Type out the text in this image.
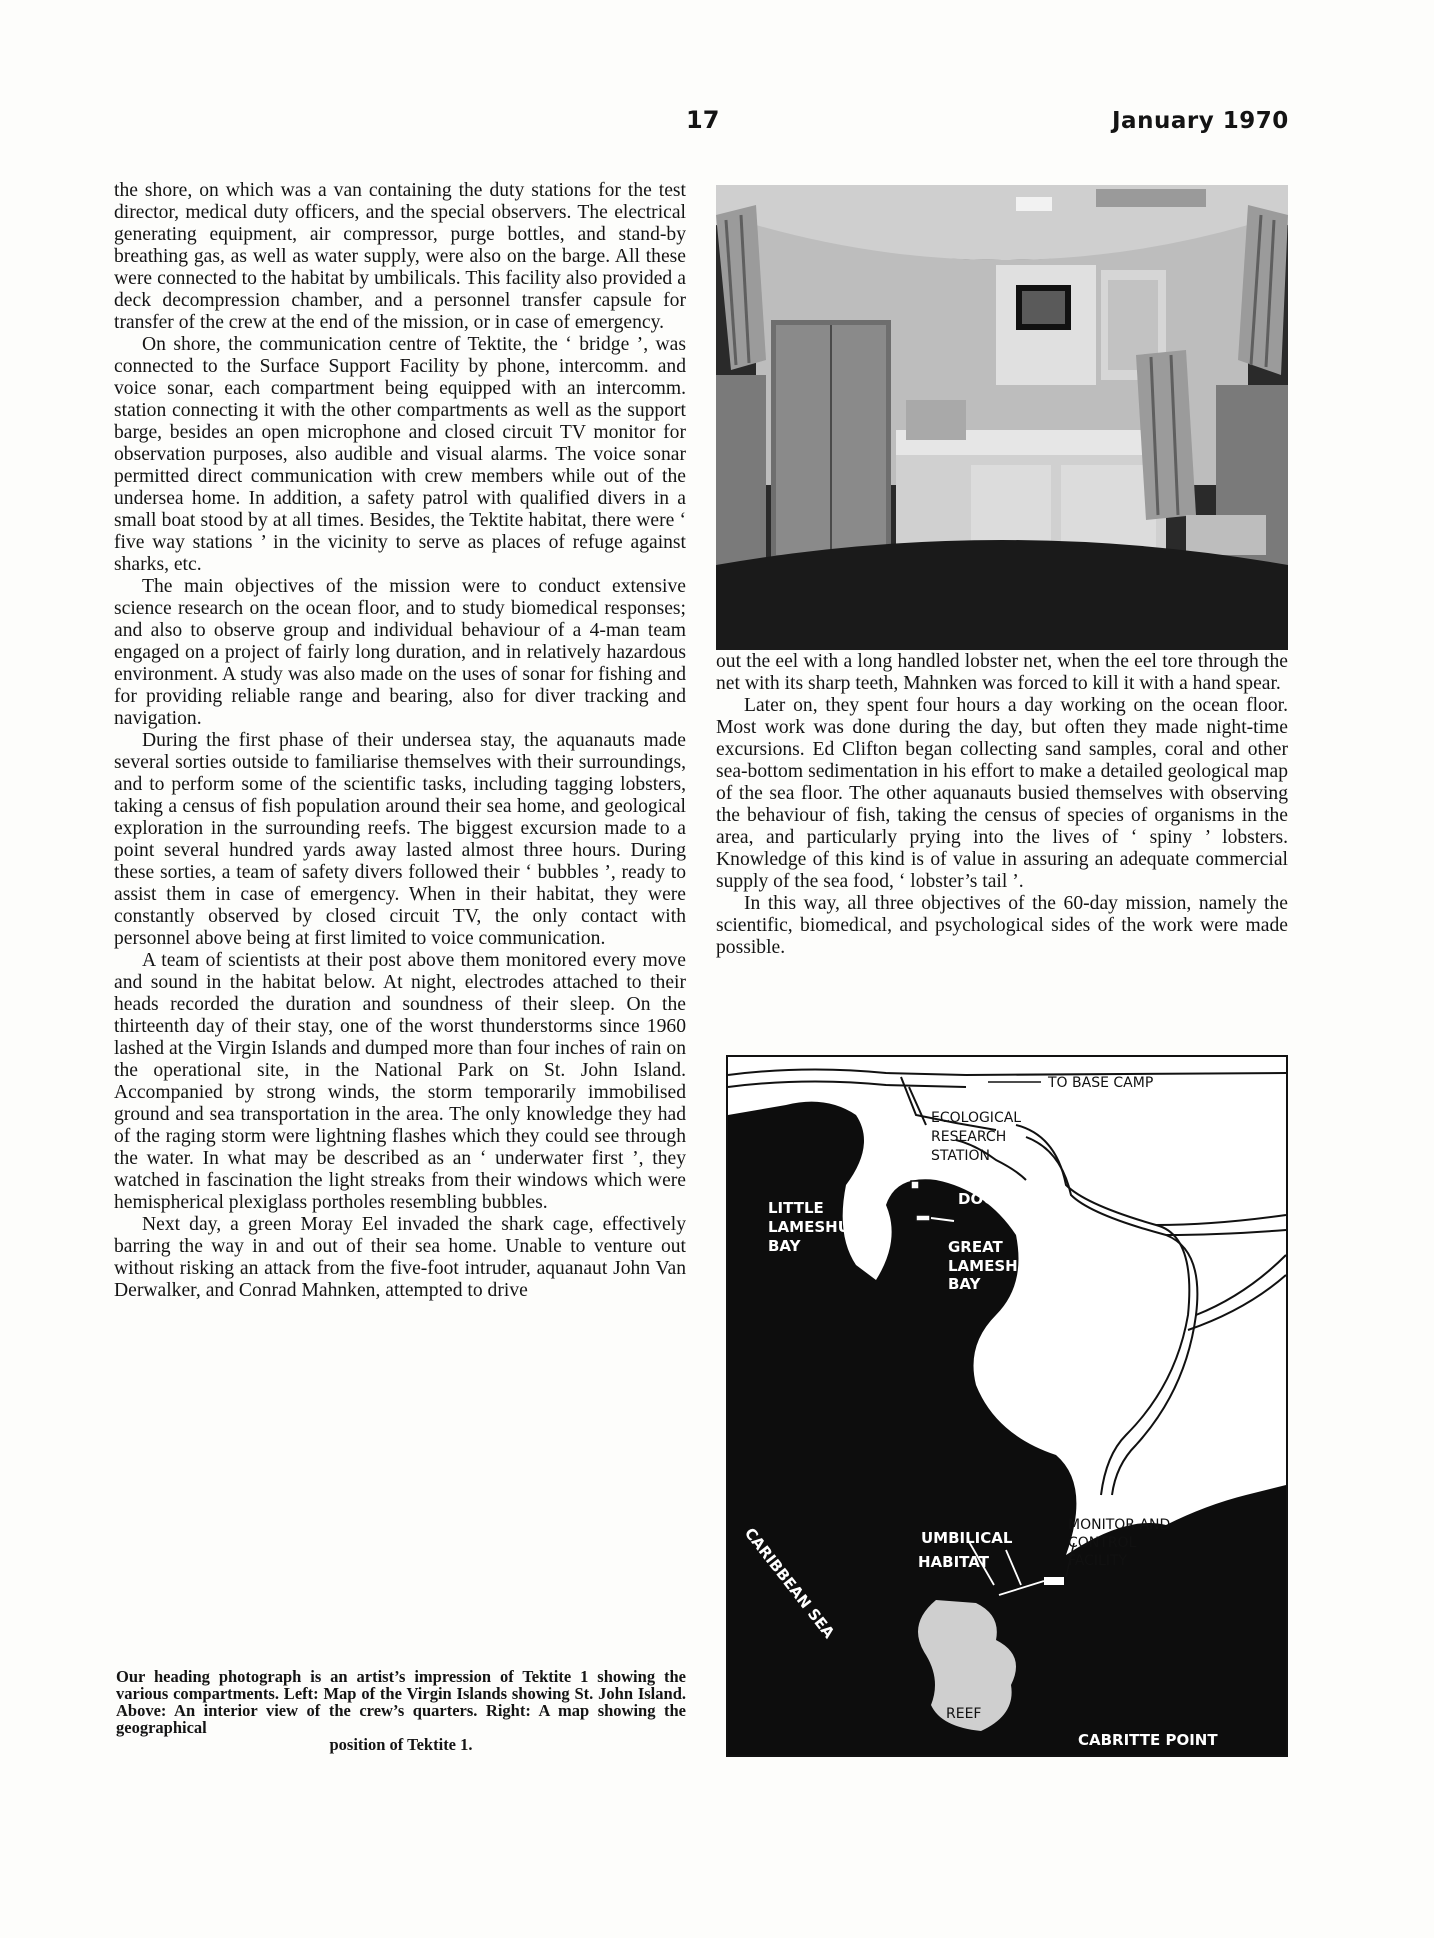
17	January 1970

the shore, on which was a van containing the duty stations for the test director, medical duty officers, and the special observers. The electrical generating equipment, air compressor, purge bottles, and stand-by breathing gas, as well as water supply, were also on the barge. All these were connected to the habitat by umbilicals. This facility also provided a deck decompression chamber, and a personnel transfer capsule for transfer of the crew at the end of the mission, or in case of emergency.

On shore, the communication centre of Tektite, the ‘ bridge ’, was connected to the Surface Support Facility by phone, intercomm. and voice sonar, each compartment being equipped with an intercomm. station connecting it with the other compartments as well as the support barge, besides an open microphone and closed circuit TV monitor for observation purposes, also audible and visual alarms. The voice sonar permitted direct communication with crew members while out of the undersea home. In addition, a safety patrol with qualified divers in a small boat stood by at all times. Besides, the Tektite habitat, there were ‘ five way stations ’ in the vicinity to serve as places of refuge against sharks, etc.

The main objectives of the mission were to conduct extensive science research on the ocean floor, and to study biomedical responses; and also to observe group and individual behaviour of a 4-man team engaged on a project of fairly long duration, and in relatively hazardous environment. A study was also made on the uses of sonar for fishing and for providing reliable range and bearing, also for diver tracking and navigation.

During the first phase of their undersea stay, the aquanauts made several sorties outside to familiarise themselves with their surroundings, and to perform some of the scientific tasks, including tagging lobsters, taking a census of fish population around their sea home, and geological exploration in the surrounding reefs. The biggest excursion made to a point several hundred yards away lasted almost three hours. During these sorties, a team of safety divers followed their ‘ bubbles ’, ready to assist them in case of emergency. When in their habitat, they were constantly observed by closed circuit TV, the only contact with personnel above being at first limited to voice communication.

A team of scientists at their post above them monitored every move and sound in the habitat below. At night, electrodes attached to their heads recorded the duration and soundness of their sleep. On the thirteenth day of their stay, one of the worst thunderstorms since 1960 lashed at the Virgin Islands and dumped more than four inches of rain on the operational site, in the National Park on St. John Island. Accompanied by strong winds, the storm temporarily immobilised ground and sea transportation in the area. The only knowledge they had of the raging storm were lightning flashes which they could see through the water. In what may be described as an ‘ underwater first ’, they watched in fascination the light streaks from their windows which were hemispherical plexiglass portholes resembling bubbles.

Next day, a green Moray Eel invaded the shark cage, effectively barring the way in and out of their sea home. Unable to venture out without risking an attack from the five-foot intruder, aquanaut John Van Derwalker, and Conrad Mahnken, attempted to drive

Our heading photograph is an artist’s impression of Tektite 1 showing the various compartments. Left: Map of the Virgin Islands showing St. John Island. Above: An interior view of the crew’s quarters. Right: A map showing the geographical
position of Tektite 1.

out the eel with a long handled lobster net, when the eel tore through the net with its sharp teeth, Mahnken was forced to kill it with a hand spear.

Later on, they spent four hours a day working on the ocean floor. Most work was done during the day, but often they made night-time excursions. Ed Clifton began collecting sand samples, coral and other sea-bottom sedimentation in his effort to make a detailed geological map of the sea floor. The other aquanauts busied themselves with observing the behaviour of fish, taking the census of species of organisms in the area, and particularly prying into the lives of ‘ spiny ’ lobsters. Knowledge of this kind is of value in assuring an adequate commercial supply of the sea food, ‘ lobster’s tail ’.

In this way, all three objectives of the 60-day mission, namely the scientific, biomedical, and psychological sides of the work were made possible.

TO BASE CAMP
ECOLOGICAL
RESEARCH
STATION
MONITOR AND
CONTROL
FACILITY
REEF
DOCK
LITTLE
LAMESHUR
BAY	GREAT
LAMESHUR
BAY
UMBILICAL
HABITAT
CABRITTE POINT
CARIBBEAN SEA
